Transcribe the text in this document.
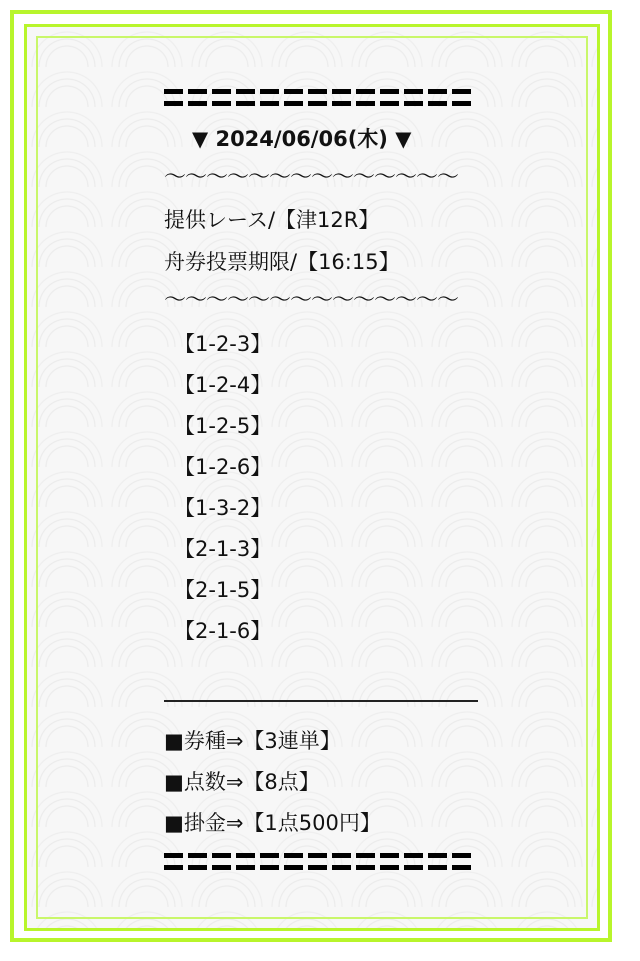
▼ 2024/06/06(木) ▼
〜〜〜〜〜〜〜〜〜〜〜〜〜〜
提供レース/【津12R】
舟券投票期限/【16:15】
〜〜〜〜〜〜〜〜〜〜〜〜〜〜
【1-2-3】
【1-2-4】
【1-2-5】
【1-2-6】
【1-3-2】
【2-1-3】
【2-1-5】
【2-1-6】
■券種⇒【3連単】
■点数⇒【8点】
■掛金⇒【1点500円】
